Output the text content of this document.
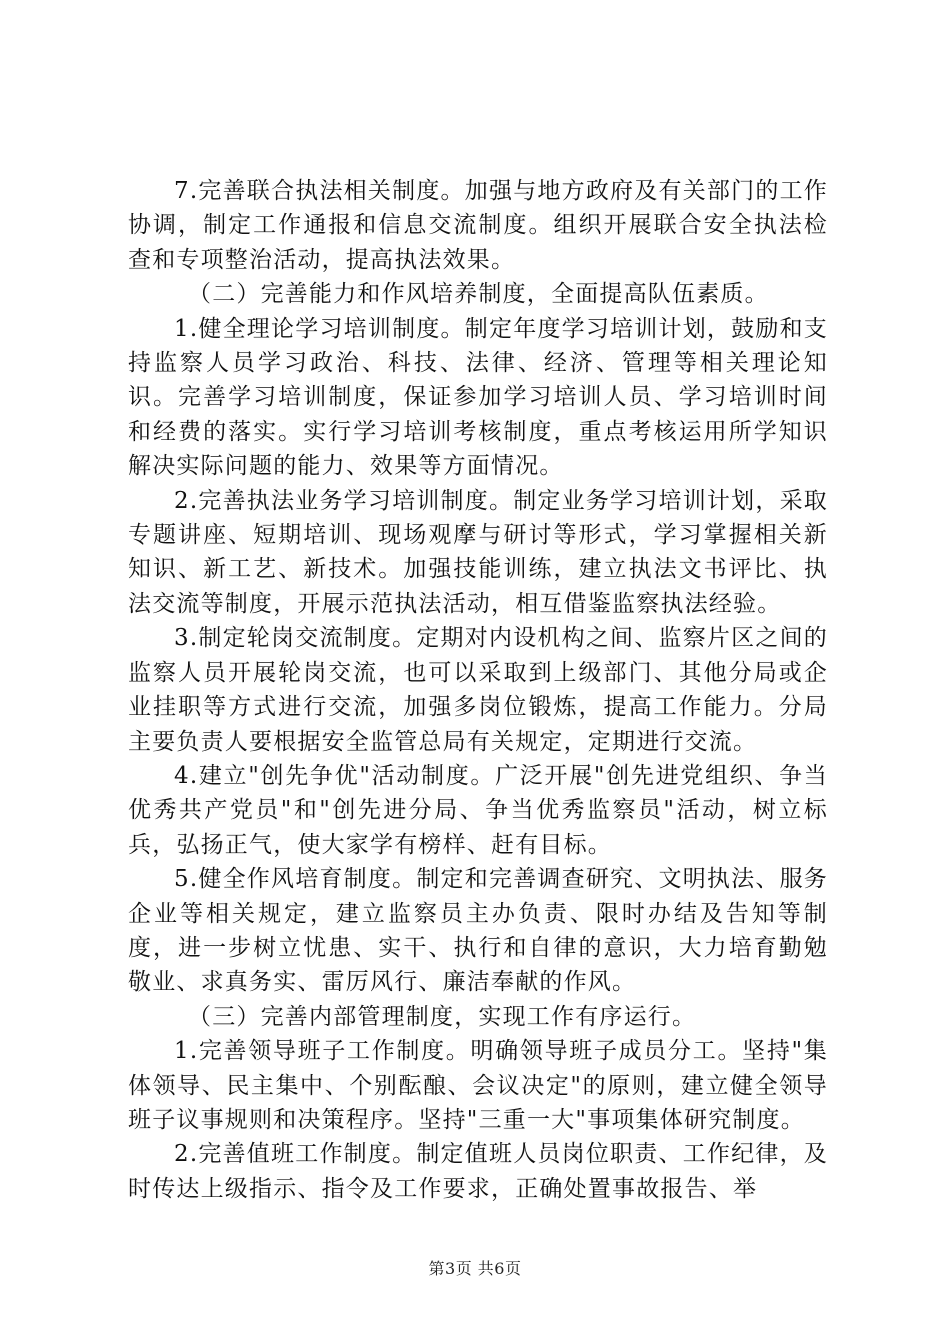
7.完善联合执法相关制度。加强与地方政府及有关部门的工作协调，制定工作通报和信息交流制度。组织开展联合安全执法检查和专项整治活动，提高执法效果。

（二）完善能力和作风培养制度，全面提高队伍素质。

1.健全理论学习培训制度。制定年度学习培训计划，鼓励和支持监察人员学习政治、科技、法律、经济、管理等相关理论知识。完善学习培训制度，保证参加学习培训人员、学习培训时间和经费的落实。实行学习培训考核制度，重点考核运用所学知识解决实际问题的能力、效果等方面情况。

2.完善执法业务学习培训制度。制定业务学习培训计划，采取专题讲座、短期培训、现场观摩与研讨等形式，学习掌握相关新知识、新工艺、新技术。加强技能训练，建立执法文书评比、执法交流等制度，开展示范执法活动，相互借鉴监察执法经验。

3.制定轮岗交流制度。定期对内设机构之间、监察片区之间的监察人员开展轮岗交流，也可以采取到上级部门、其他分局或企业挂职等方式进行交流，加强多岗位锻炼，提高工作能力。分局主要负责人要根据安全监管总局有关规定，定期进行交流。

4.建立"创先争优"活动制度。广泛开展"创先进党组织、争当优秀共产党员"和"创先进分局、争当优秀监察员"活动，树立标兵，弘扬正气，使大家学有榜样、赶有目标。

5.健全作风培育制度。制定和完善调查研究、文明执法、服务企业等相关规定，建立监察员主办负责、限时办结及告知等制度，进一步树立忧患、实干、执行和自律的意识，大力培育勤勉敬业、求真务实、雷厉风行、廉洁奉献的作风。

（三）完善内部管理制度，实现工作有序运行。

1.完善领导班子工作制度。明确领导班子成员分工。坚持"集体领导、民主集中、个别酝酿、会议决定"的原则，建立健全领导班子议事规则和决策程序。坚持"三重一大"事项集体研究制度。

2.完善值班工作制度。制定值班人员岗位职责、工作纪律，及时传达上级指示、指令及工作要求，正确处置事故报告、举

第3页 共6页
